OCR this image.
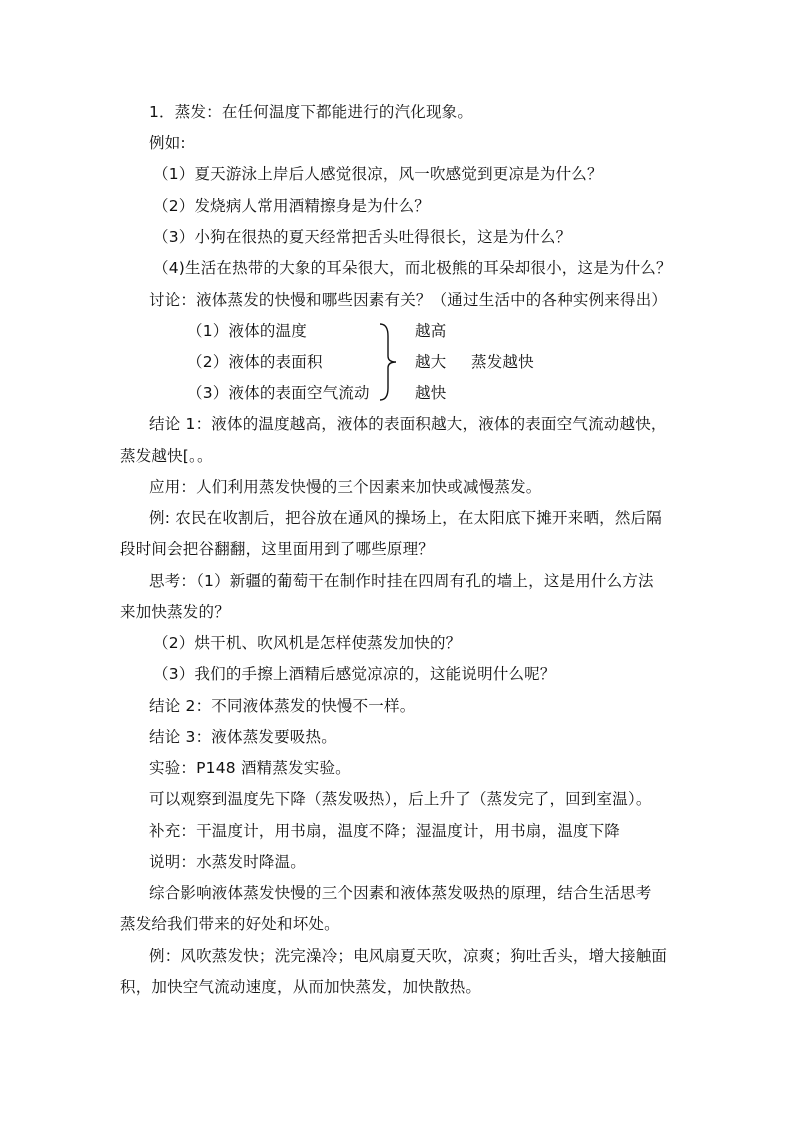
1．蒸发：在任何温度下都能进行的汽化现象。
例如:
（1）夏天游泳上岸后人感觉很凉，风一吹感觉到更凉是为什么？
（2）发烧病人常用酒精擦身是为什么？
（3）小狗在很热的夏天经常把舌头吐得很长，这是为什么？
（4)生活在热带的大象的耳朵很大，而北极熊的耳朵却很小，这是为什么？
讨论：液体蒸发的快慢和哪些因素有关？（通过生活中的各种实例来得出）
（1）液体的温度
（2）液体的表面积
（3）液体的表面空气流动
越高
越大 蒸发越快
越快
结论 1：液体的温度越高，液体的表面积越大，液体的表面空气流动越快，
蒸发越快[。。
应用：人们利用蒸发快慢的三个因素来加快或减慢蒸发。
例: 农民在收割后，把谷放在通风的操场上，在太阳底下摊开来晒，然后隔
段时间会把谷翻翻，这里面用到了哪些原理？
思考：（1）新疆的葡萄干在制作时挂在四周有孔的墙上，这是用什么方法
来加快蒸发的？
（2）烘干机、吹风机是怎样使蒸发加快的？
（3）我们的手擦上酒精后感觉凉凉的，这能说明什么呢？
结论 2：不同液体蒸发的快慢不一样。
结论 3：液体蒸发要吸热。
实验：P148 酒精蒸发实验。
可以观察到温度先下降（蒸发吸热），后上升了（蒸发完了，回到室温）。
补充：干温度计，用书扇，温度不降；湿温度计，用书扇，温度下降
说明：水蒸发时降温。
综合影响液体蒸发快慢的三个因素和液体蒸发吸热的原理，结合生活思考
蒸发给我们带来的好处和坏处。
例：风吹蒸发快；洗完澡冷；电风扇夏天吹，凉爽；狗吐舌头，增大接触面
积，加快空气流动速度，从而加快蒸发，加快散热。
